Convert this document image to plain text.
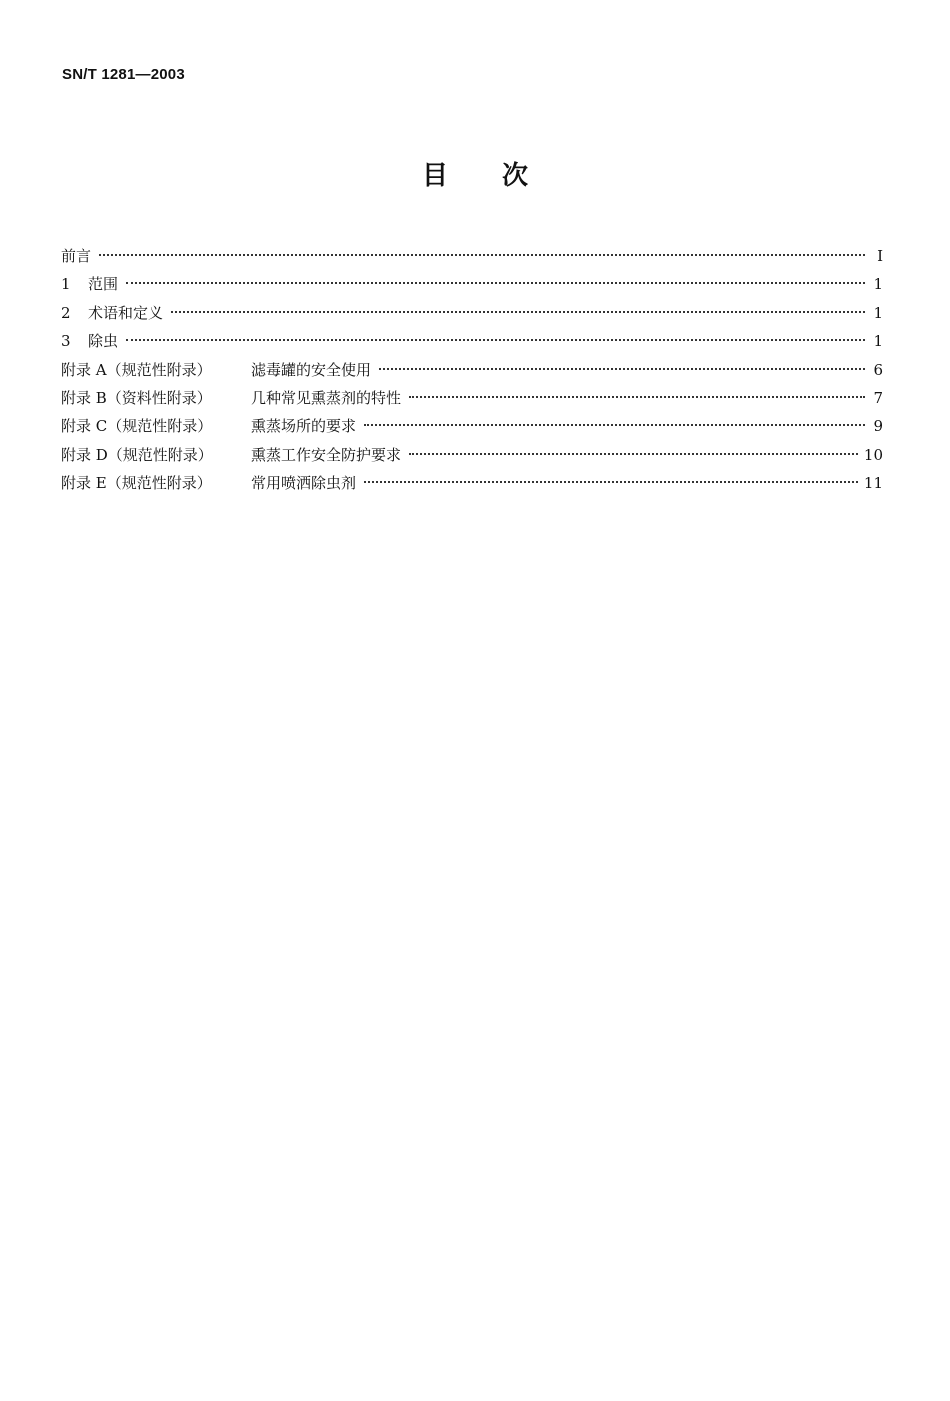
SN/T 1281—2003
目次
前言	I
1	范围	1
2	术语和定义	1
3	除虫	1
附录 A（规范性附录）	滤毒罐的安全使用	6
附录 B（资料性附录）	几种常见熏蒸剂的特性	7
附录 C（规范性附录）	熏蒸场所的要求	9
附录 D（规范性附录）	熏蒸工作安全防护要求	10
附录 E（规范性附录）	常用喷洒除虫剂	11
